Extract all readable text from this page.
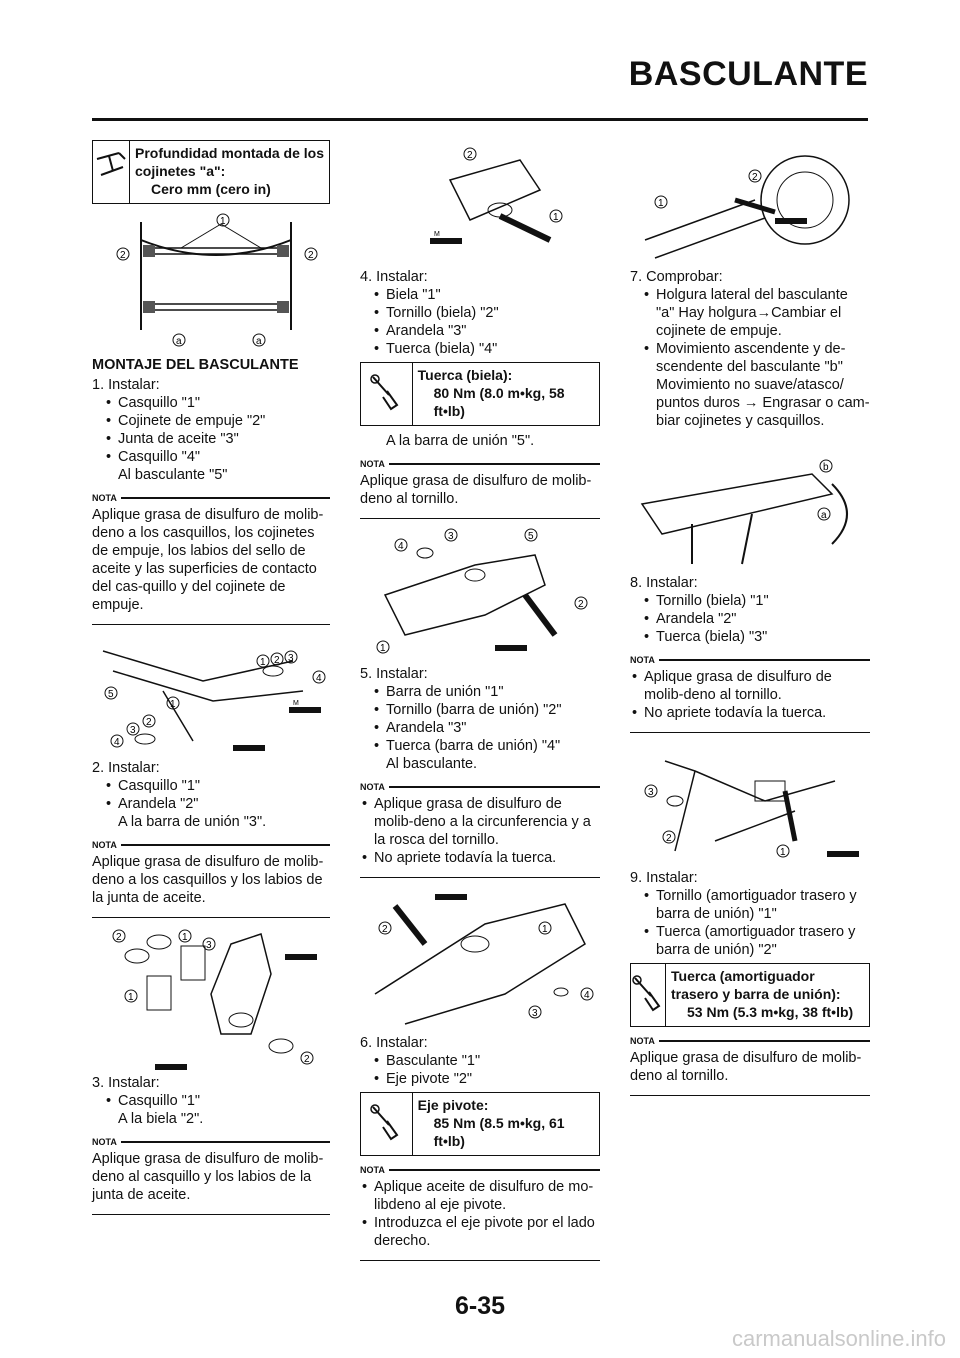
BASCULANTE
Profundidad montada de los cojinetes "a":
Cero mm (cero in)
1
2	2
a	a
MONTAJE DEL BASCULANTE
1. Instalar:
• Casquillo "1"
• Cojinete de empuje "2"
• Junta de aceite "3"
• Casquillo "4"
Al basculante "5"
NOTA
Aplique grasa de disulfuro de molib-deno a los casquillos, los cojinetes de empuje, los labios del sello de aceite y las superficies de contacto del cas-quillo y del cojinete de empuje.
5
1 2 3
4
4
3
2
1	M
2. Instalar:
• Casquillo "1"
• Arandela "2"
A la barra de unión "3".
NOTA
Aplique grasa de disulfuro de molib-deno a los casquillos y los labios de la junta de aceite.
2	1
3
1
2
3. Instalar:
• Casquillo "1"
A la biela "2".
NOTA
Aplique grasa de disulfuro de molib-deno al casquillo y los labios de la junta de aceite.
2
1
M
4. Instalar:
• Biela "1"
• Tornillo (biela) "2"
• Arandela "3"
• Tuerca (biela) "4"
Tuerca (biela):
80 Nm (8.0 m•kg, 58 ft•lb)
A la barra de unión "5".
NOTA
Aplique grasa de disulfuro de molib-deno al tornillo.
4
3	5
2
1
5. Instalar:
• Barra de unión "1"
• Tornillo (barra de unión) "2"
• Arandela "3"
• Tuerca (barra de unión) "4"
Al basculante.
NOTA
• Aplique grasa de disulfuro de molib-deno a la circunferencia y a la rosca del tornillo.
• No apriete todavía la tuerca.
2	1
4
3
6. Instalar:
• Basculante "1"
• Eje pivote "2"
Eje pivote:
85 Nm (8.5 m•kg, 61 ft•lb)
NOTA
• Aplique aceite de disulfuro de mo-libdeno al eje pivote.
• Introduzca el eje pivote por el lado derecho.
1
2
7. Comprobar:
• Holgura lateral del basculante "a" Hay holgura→Cambiar el cojinete de empuje.
• Movimiento ascendente y de-scendente del basculante "b" Movimiento no suave/atasco/ puntos duros → Engrasar o cam-biar cojinetes y casquillos.
b
a
8. Instalar:
• Tornillo (biela) "1"
• Arandela "2"
• Tuerca (biela) "3"
NOTA
• Aplique grasa de disulfuro de molib-deno al tornillo.
• No apriete todavía la tuerca.
3
2
1
9. Instalar:
• Tornillo (amortiguador trasero y barra de unión) "1"
• Tuerca (amortiguador trasero y barra de unión) "2"
Tuerca (amortiguador trasero y barra de unión):
53 Nm (5.3 m•kg, 38 ft•lb)
NOTA
Aplique grasa de disulfuro de molib-deno al tornillo.
6-35
carmanualsonline.info
